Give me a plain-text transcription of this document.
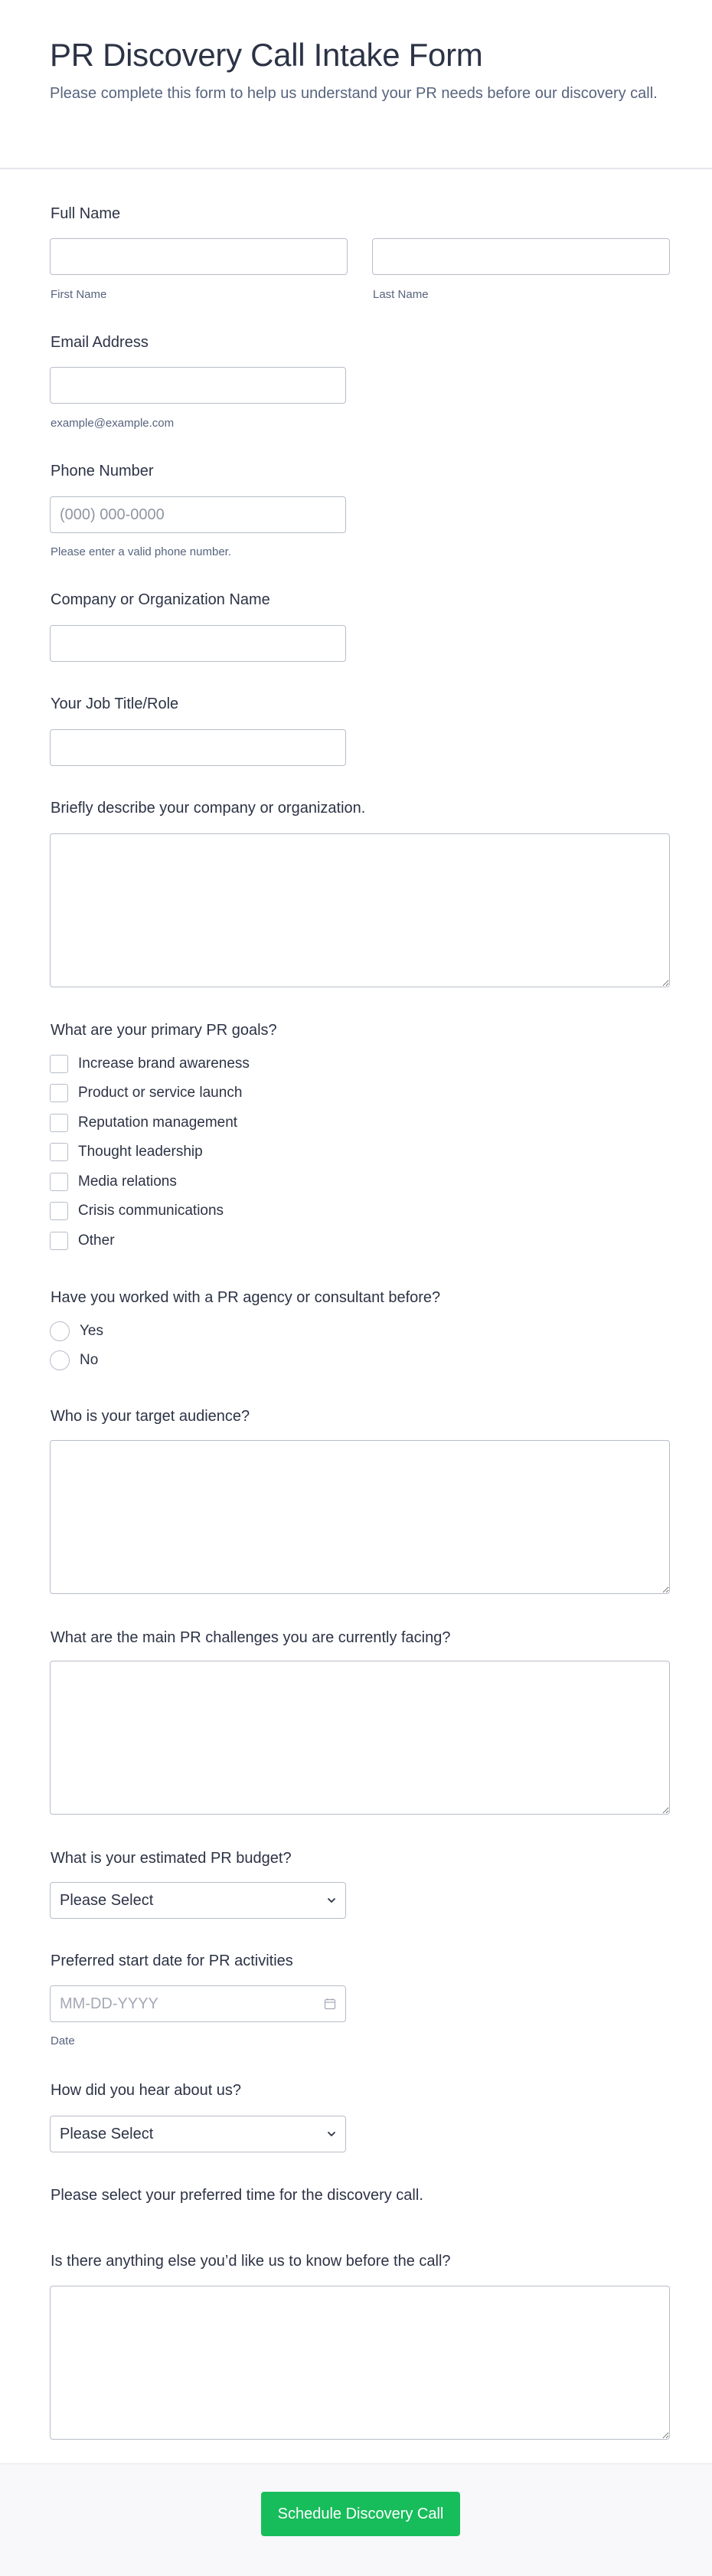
PR Discovery Call Intake Form

Please complete this form to help us understand your PR needs before our discovery call.

Full Name
First Name	Last Name
Email Address
example@example.com
Phone Number
(000) 000-0000
Please enter a valid phone number.
Company or Organization Name
Your Job Title/Role
Briefly describe your company or organization.
What are your primary PR goals?
Increase brand awareness
Product or service launch
Reputation management
Thought leadership
Media relations
Crisis communications
Other
Have you worked with a PR agency or consultant before?
Yes
No
Who is your target audience?
What are the main PR challenges you are currently facing?
What is your estimated PR budget?
Please Select
Preferred start date for PR activities
MM-DD-YYYY
Date
How did you hear about us?
Please Select
Please select your preferred time for the discovery call.
Is there anything else you’d like us to know before the call?
Schedule Discovery Call
